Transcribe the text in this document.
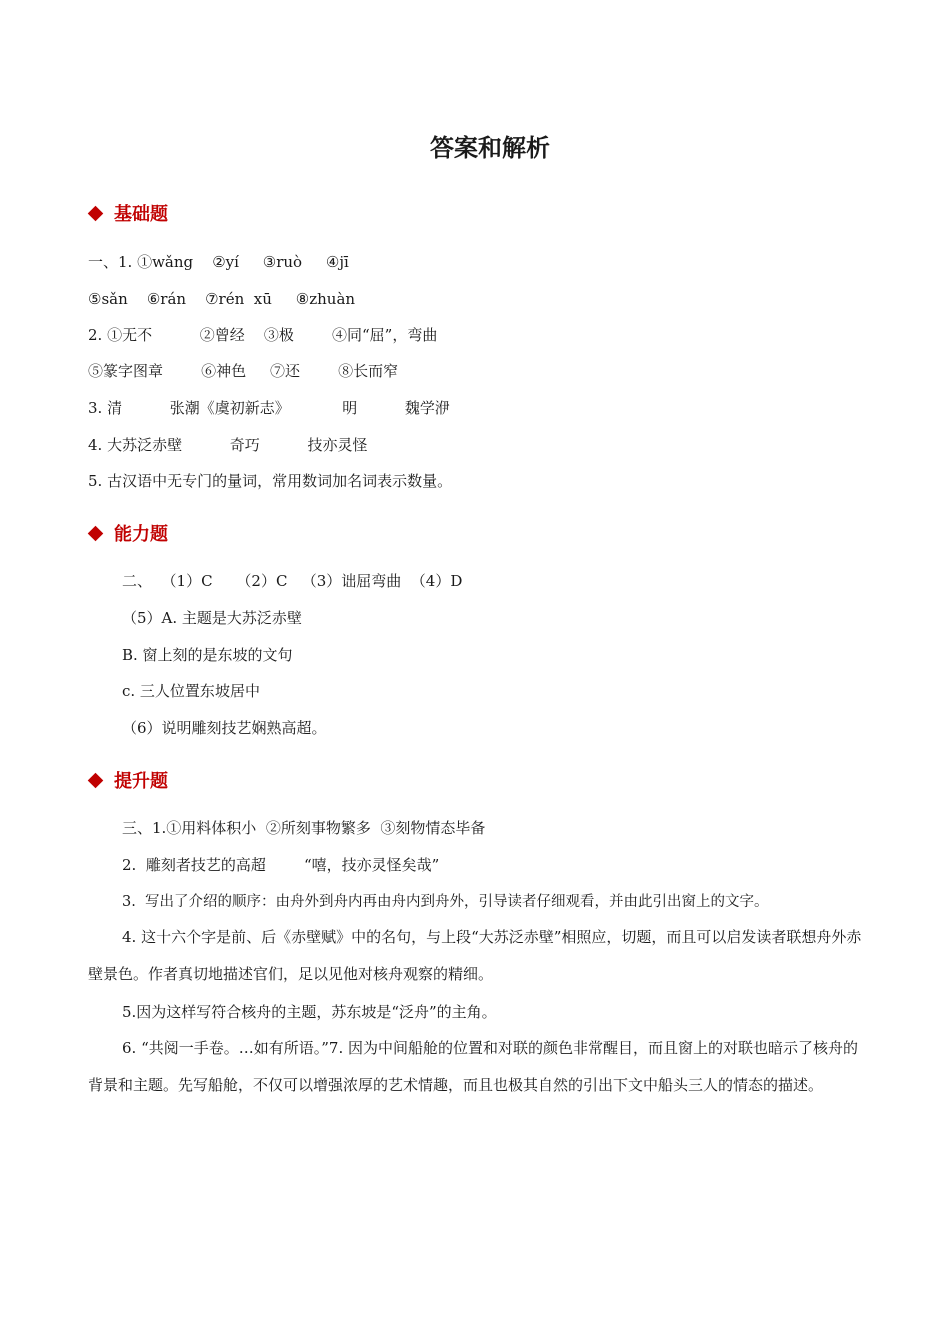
答案和解析
基础题
一、1. ①wǎng    ②yí     ③ruò     ④jī
⑤sǎn    ⑥rán    ⑦rén  xū     ⑧zhuàn
2. ①无不          ②曾经    ③极        ④同“屈”，弯曲
⑤篆字图章        ⑥神色     ⑦还        ⑧长而窄
3. 清          张潮《虞初新志》           明          魏学洢
4. 大苏泛赤壁          奇巧          技亦灵怪
5. 古汉语中无专门的量词，常用数词加名词表示数量。
能力题
二、  （1）C     （2）C   （3）诎屈弯曲  （4）D
（5）A. 主题是大苏泛赤壁
B. 窗上刻的是东坡的文句
c. 三人位置东坡居中
（6）说明雕刻技艺娴熟高超。
提升题
三、1.①用料体积小  ②所刻事物繁多  ③刻物情态毕备
2.  雕刻者技艺的高超        “嘻，技亦灵怪矣哉”
3.  写出了介绍的顺序：由舟外到舟内再由舟内到舟外，引导读者仔细观看，并由此引出窗上的文字。

4. 这十六个字是前、后《赤壁赋》中的名句，与上段“大苏泛赤壁”相照应，切题，而且可以启发读者联想舟外赤壁景色。作者真切地描述官们，足以见他对核舟观察的精细。

5.因为这样写符合核舟的主题，苏东坡是“泛舟”的主角。

6. “共阅一手卷。…如有所语。”7. 因为中间船舱的位置和对联的颜色非常醒目，而且窗上的对联也暗示了核舟的背景和主题。先写船舱，不仅可以增强浓厚的艺术情趣，而且也极其自然的引出下文中船头三人的情态的描述。
